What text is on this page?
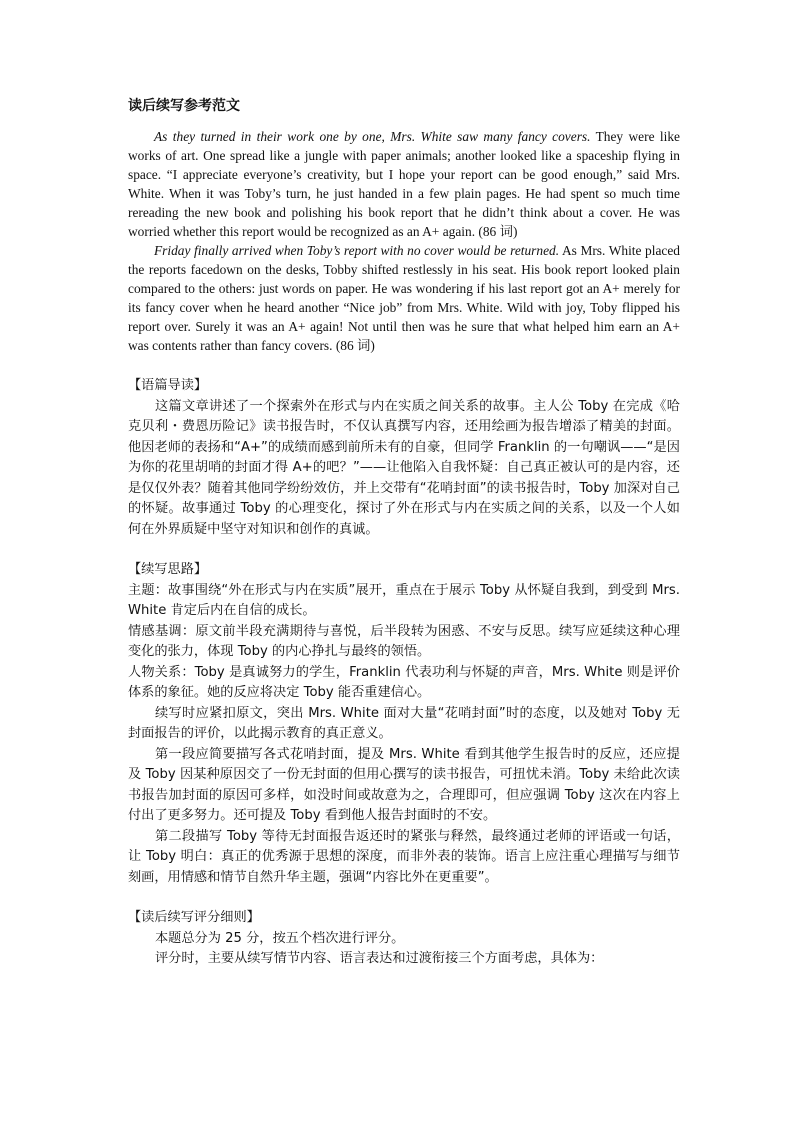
读后续写参考范文

As they turned in their work one by one, Mrs. White saw many fancy covers. They were like works of art. One spread like a jungle with paper animals; another looked like a spaceship flying in space. “I appreciate everyone’s creativity, but I hope your report can be good enough,” said Mrs. White. When it was Toby’s turn, he just handed in a few plain pages. He had spent so much time rereading the new book and polishing his book report that he didn’t think about a cover. He was worried whether this report would be recognized as an A+ again. (86 词)

Friday finally arrived when Toby’s report with no cover would be returned. As Mrs. White placed the reports facedown on the desks, Tobby shifted restlessly in his seat. His book report looked plain compared to the others: just words on paper. He was wondering if his last report got an A+ merely for its fancy cover when he heard another “Nice job” from Mrs. White. Wild with joy, Toby flipped his report over. Surely it was an A+ again! Not until then was he sure that what helped him earn an A+ was contents rather than fancy covers. (86 词)

【语篇导读】

这篇文章讲述了一个探索外在形式与内在实质之间关系的故事。主人公 Toby 在完成《哈克贝利・费恩历险记》读书报告时，不仅认真撰写内容，还用绘画为报告增添了精美的封面。他因老师的表扬和“A+”的成绩而感到前所未有的自豪，但同学 Franklin 的一句嘲讽——“是因为你的花里胡哨的封面才得 A+的吧？”——让他陷入自我怀疑：自己真正被认可的是内容，还是仅仅外表？随着其他同学纷纷效仿，并上交带有“花哨封面”的读书报告时，Toby 加深对自己的怀疑。故事通过 Toby 的心理变化，探讨了外在形式与内在实质之间的关系，以及一个人如何在外界质疑中坚守对知识和创作的真诚。

【续写思路】

主题：故事围绕“外在形式与内在实质”展开，重点在于展示 Toby 从怀疑自我到，到受到 Mrs. White 肯定后内在自信的成长。

情感基调：原文前半段充满期待与喜悦，后半段转为困惑、不安与反思。续写应延续这种心理变化的张力，体现 Toby 的内心挣扎与最终的领悟。

人物关系：Toby 是真诚努力的学生，Franklin 代表功利与怀疑的声音，Mrs. White 则是评价体系的象征。她的反应将决定 Toby 能否重建信心。

续写时应紧扣原文，突出 Mrs. White 面对大量“花哨封面”时的态度，以及她对 Toby 无封面报告的评价，以此揭示教育的真正意义。

第一段应简要描写各式花哨封面，提及 Mrs. White 看到其他学生报告时的反应，还应提及 Toby 因某种原因交了一份无封面的但用心撰写的读书报告，可扭忧未消。Toby 未给此次读书报告加封面的原因可多样，如没时间或故意为之，合理即可，但应强调 Toby 这次在内容上付出了更多努力。还可提及 Toby 看到他人报告封面时的不安。

第二段描写 Toby 等待无封面报告返还时的紧张与释然，最终通过老师的评语或一句话，让 Toby 明白：真正的优秀源于思想的深度，而非外表的装饰。语言上应注重心理描写与细节刻画，用情感和情节自然升华主题，强调“内容比外在更重要”。

【读后续写评分细则】

本题总分为 25 分，按五个档次进行评分。

评分时，主要从续写情节内容、语言表达和过渡衔接三个方面考虑，具体为：
